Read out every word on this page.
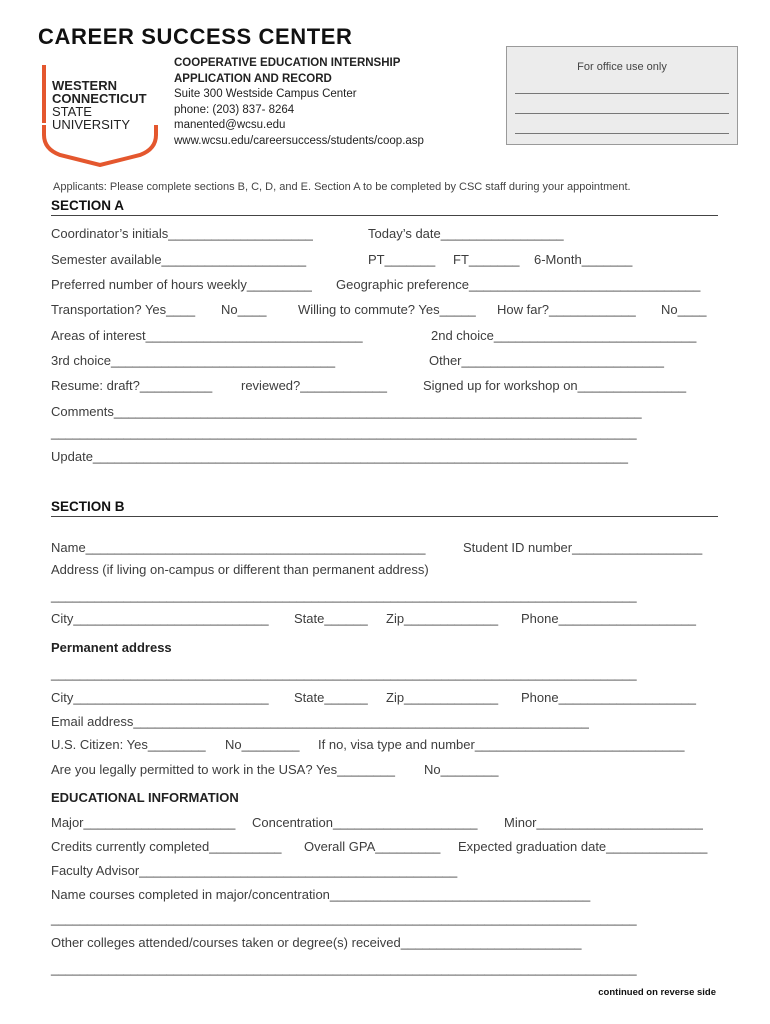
CAREER SUCCESS CENTER
WESTERN
CONNECTICUT
STATE
UNIVERSITY
COOPERATIVE EDUCATION INTERNSHIP
APPLICATION AND RECORD
Suite 300 Westside Campus Center
phone: (203) 837- 8264
manented@wcsu.edu
www.wcsu.edu/careersuccess/students/coop.asp
For office use only
Applicants: Please complete sections B, C, D, and E. Section A to be completed by CSC staff during your appointment.
SECTION A
Coordinator’s initials____________________	Today’s date_________________
Semester available____________________	PT_______ FT_______ 6-Month_______
Preferred number of hours weekly_________ Geographic preference________________________________
Transportation? Yes____ No____ Willing to commute? Yes_____ How far?____________ No____
Areas of interest______________________________	2nd choice____________________________
3rd choice_______________________________	Other____________________________
Resume: draft?__________ reviewed?____________	Signed up for workshop on_______________
Comments_________________________________________________________________________
_________________________________________________________________________________
Update__________________________________________________________________________
SECTION B
Name_______________________________________________	Student ID number__________________
Address (if living on-campus or different than permanent address)
_________________________________________________________________________________
City___________________________ State______ Zip_____________ Phone___________________
Permanent address
_________________________________________________________________________________
City___________________________ State______ Zip_____________ Phone___________________
Email address_______________________________________________________________
U.S. Citizen: Yes________ No________ If no, visa type and number_____________________________
Are you legally permitted to work in the USA? Yes________ No________
EDUCATIONAL INFORMATION
Major_____________________ Concentration____________________ Minor_______________________
Credits currently completed__________ Overall GPA_________ Expected graduation date______________
Faculty Advisor____________________________________________
Name courses completed in major/concentration____________________________________
_________________________________________________________________________________
Other colleges attended/courses taken or degree(s) received_________________________
_________________________________________________________________________________
continued on reverse side
